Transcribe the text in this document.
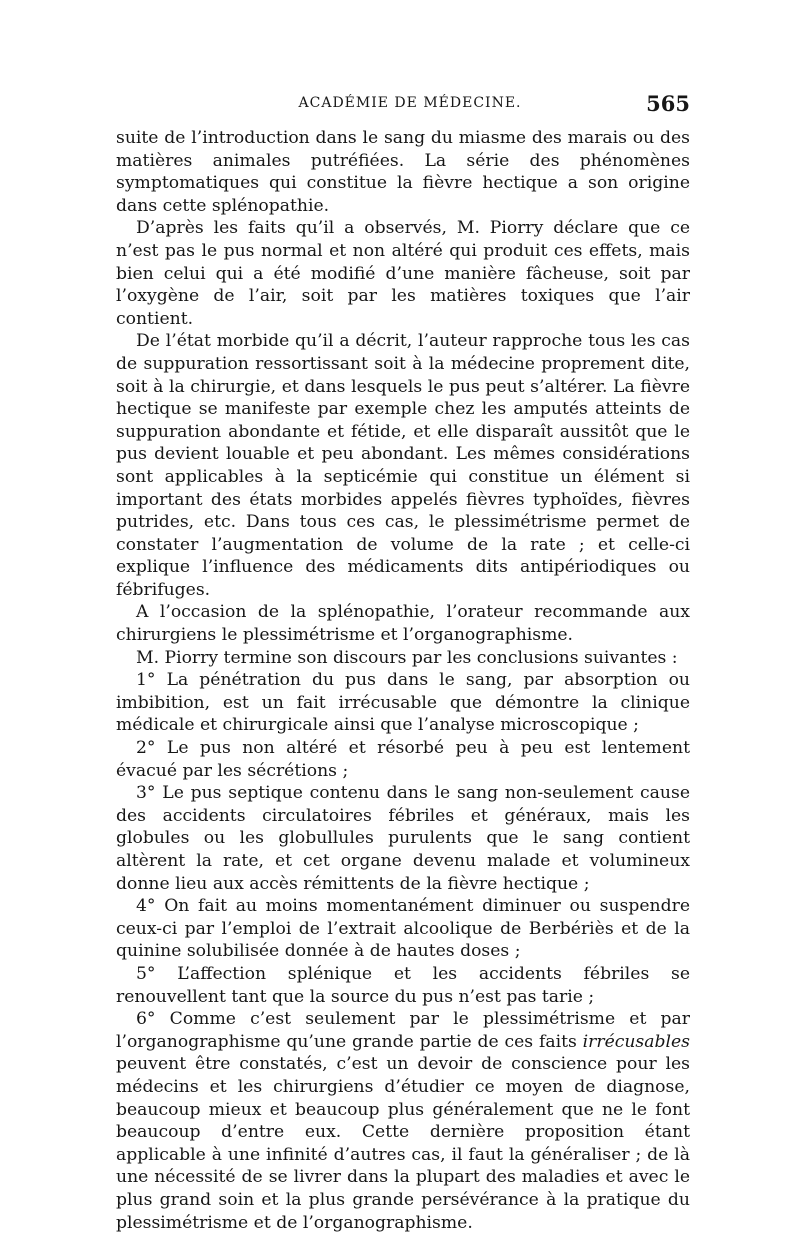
ACADÉMIE DE MÉDECINE.	565

suite de l’introduction dans le sang du miasme des marais ou des matières animales putréfiées. La série des phénomènes symptomatiques qui constitue la fièvre hectique a son origine dans cette splénopathie.

D’après les faits qu’il a observés, M. Piorry déclare que ce n’est pas le pus normal et non altéré qui produit ces effets, mais bien celui qui a été modifié d’une manière fâcheuse, soit par l’oxygène de l’air, soit par les matières toxiques que l’air contient.

De l’état morbide qu’il a décrit, l’auteur rapproche tous les cas de suppuration ressortissant soit à la médecine proprement dite, soit à la chirurgie, et dans lesquels le pus peut s’altérer. La fièvre hectique se manifeste par exemple chez les amputés atteints de suppuration abondante et fétide, et elle disparaît aussitôt que le pus devient louable et peu abondant. Les mêmes considérations sont applicables à la septicémie qui constitue un élément si important des états morbides appelés fièvres typhoïdes, fièvres putrides, etc. Dans tous ces cas, le plessimétrisme permet de constater l’augmentation de volume de la rate ; et celle-ci explique l’influence des médicaments dits antipériodiques ou fébrifuges.

A l’occasion de la splénopathie, l’orateur recommande aux chirurgiens le plessimétrisme et l’organographisme.

M. Piorry termine son discours par les conclusions suivantes :

1° La pénétration du pus dans le sang, par absorption ou imbibition, est un fait irrécusable que démontre la clinique médicale et chirurgicale ainsi que l’analyse microscopique ;

2° Le pus non altéré et résorbé peu à peu est lentement évacué par les sécrétions ;

3° Le pus septique contenu dans le sang non-seulement cause des accidents circulatoires fébriles et généraux, mais les globules ou les globullules purulents que le sang contient altèrent la rate, et cet organe devenu malade et volumineux donne lieu aux accès rémittents de la fièvre hectique ;

4° On fait au moins momentanément diminuer ou suspendre ceux-ci par l’emploi de l’extrait alcoolique de Berbériès et de la quinine solubilisée donnée à de hautes doses ;

5° L’affection splénique et les accidents fébriles se renouvellent tant que la source du pus n’est pas tarie ;

6° Comme c’est seulement par le plessimétrisme et par l’organographisme qu’une grande partie de ces faits irrécusables peuvent être constatés, c’est un devoir de conscience pour les médecins et les chirurgiens d’étudier ce moyen de diagnose, beaucoup mieux et beaucoup plus généralement que ne le font beaucoup d’entre eux. Cette dernière proposition étant applicable à une infinité d’autres cas, il faut la généraliser ; de là une nécessité de se livrer dans la plupart des maladies et avec le plus grand soin et la plus grande persévérance à la pratique du plessimétrisme et de l’organographisme.
